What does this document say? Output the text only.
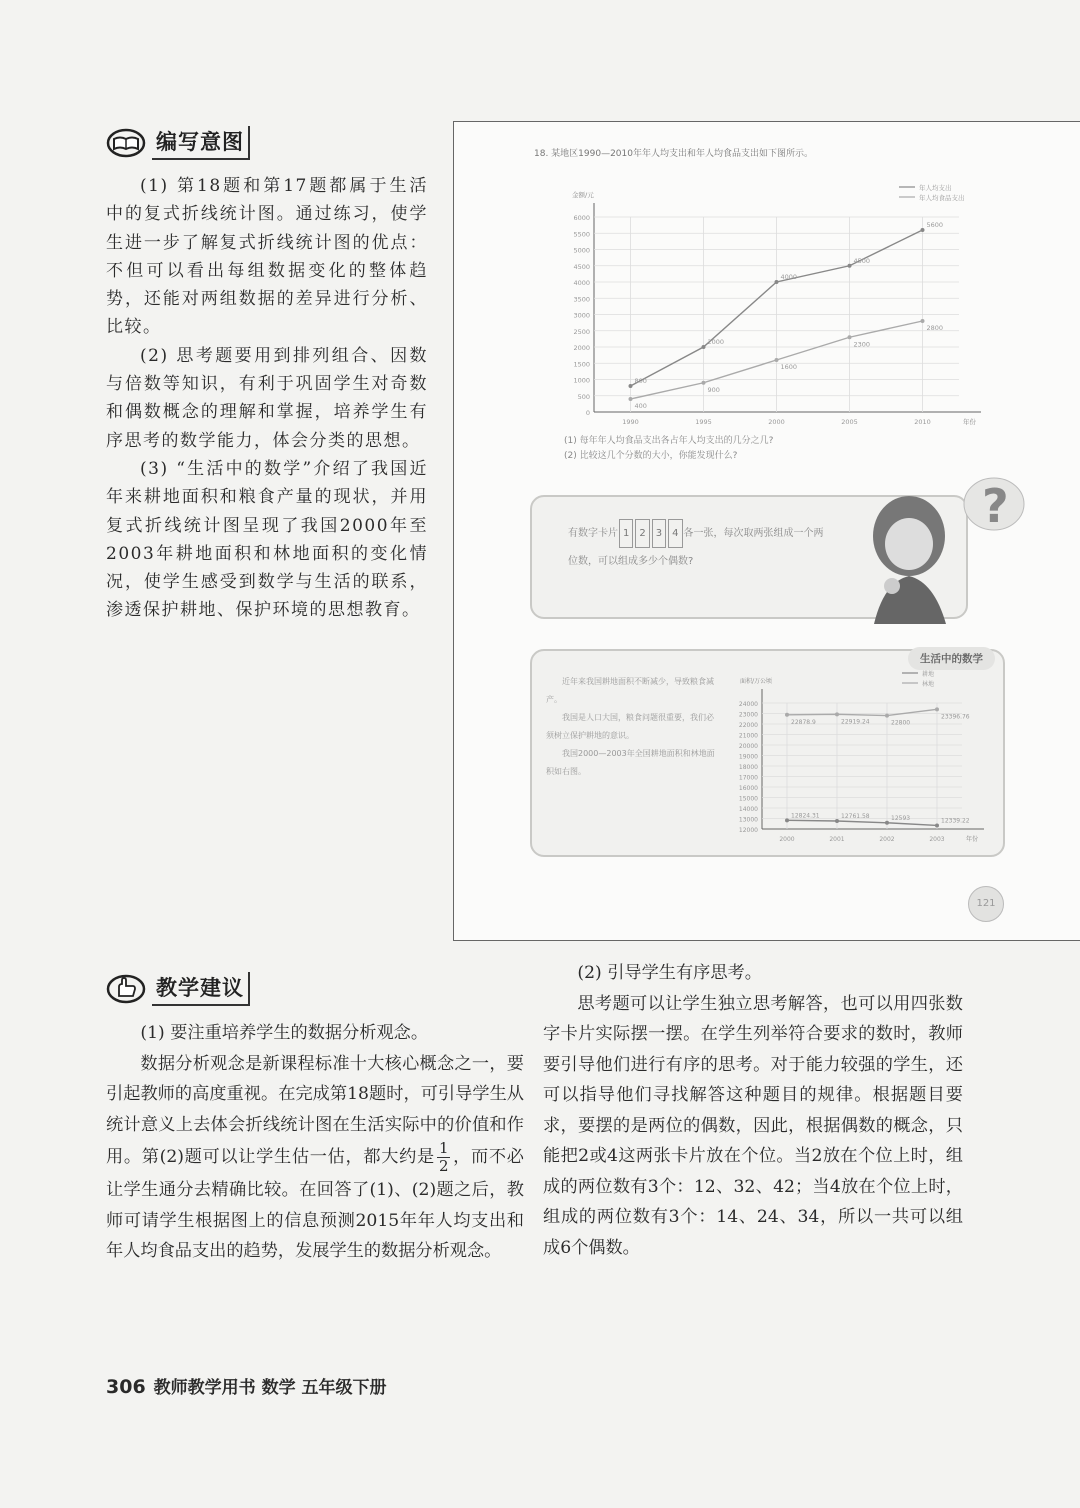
编写意图

(1) 第18题和第17题都属于生活中的复式折线统计图。通过练习，使学生进一步了解复式折线统计图的优点：不但可以看出每组数据变化的整体趋势，还能对两组数据的差异进行分析、比较。

(2) 思考题要用到排列组合、因数与倍数等知识，有利于巩固学生对奇数和偶数概念的理解和掌握，培养学生有序思考的数学能力，体会分类的思想。

(3) “生活中的数学”介绍了我国近年来耕地面积和粮食产量的现状，并用复式折线统计图呈现了我国2000年至2003年耕地面积和林地面积的变化情况，使学生感受到数学与生活的联系，渗透保护耕地、保护环境的思想教育。

18. 某地区1990—2010年年人均支出和年人均食品支出如下图所示。
金额/元
年份
0
500
1000
1500
2000
2500
3000
3500
4000
4500
5000
5500
6000
1990	1995	2000	2005	2010
800
2000
4000
4500
5600
年人均支出
400
900
1600
2300
2800
年人均食品支出
(1) 每年年人均食品支出各占年人均支出的几分之几?
(2) 比较这几个分数的大小，你能发现什么?
有数字卡片 1 2 3 4 各一张，每次取两张组成一个两位数，可以组成多少个偶数?
?
生活中的数学

近年来我国耕地面积不断减少，导致粮食减产。

我国是人口大国，粮食问题很重要，我们必须树立保护耕地的意识。

我国2000—2003年全国耕地面积和林地面积如右图。

面积/万公顷
年份
12000
13000
14000
15000
16000
17000
18000
19000
20000
21000
22000
23000
24000
2000	2001	2002	2003
12824.31	12761.58	12593	12339.22
耕地
22878.9	22919.24	22800
23396.76
林地
121
教学建议

(1) 要注重培养学生的数据分析观念。

数据分析观念是新课程标准十大核心概念之一，要引起教师的高度重视。在完成第18题时，可引导学生从统计意义上去体会折线统计图在生活实际中的价值和作用。第(2)题可以让学生估一估，都大约是 $\frac{1}{2}$ ，而不必让学生通分去精确比较。在回答了(1)、(2)题之后，教师可请学生根据图上的信息预测2015年年人均支出和年人均食品支出的趋势，发展学生的数据分析观念。

(2) 引导学生有序思考。

思考题可以让学生独立思考解答，也可以用四张数字卡片实际摆一摆。在学生列举符合要求的数时，教师要引导他们进行有序的思考。对于能力较强的学生，还可以指导他们寻找解答这种题目的规律。根据题目要求，要摆的是两位的偶数，因此，根据偶数的概念，只能把2或4这两张卡片放在个位。当2放在个位上时，组成的两位数有3个：12、32、42；当4放在个位上时，组成的两位数有3个：14、24、34，所以一共可以组成6个偶数。

306 教师教学用书 数学 五年级下册
